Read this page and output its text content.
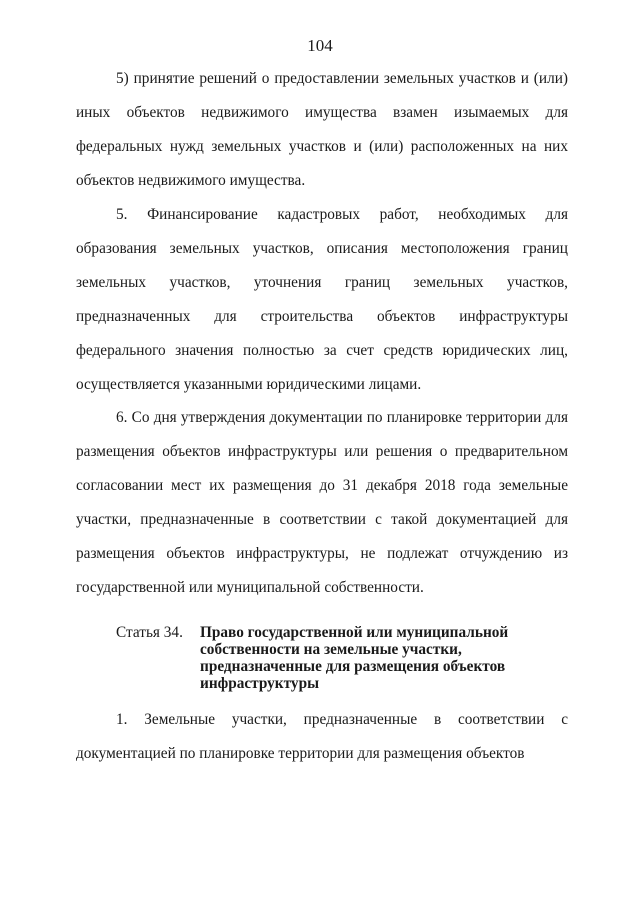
104

5) принятие решений о предоставлении земельных участков и (или) иных объектов недвижимого имущества взамен изымаемых для федеральных нужд земельных участков и (или) расположенных на них объектов недвижимого имущества.

5. Финансирование кадастровых работ, необходимых для образования земельных участков, описания местоположения границ земельных участков, уточнения границ земельных участков, предназначенных для строительства объектов инфраструктуры федерального значения полностью за счет средств юридических лиц, осуществляется указанными юридическими лицами.

6. Со дня утверждения документации по планировке территории для размещения объектов инфраструктуры или решения о предварительном согласовании мест их размещения до 31 декабря 2018 года земельные участки, предназначенные в соответствии с такой документацией для размещения объектов инфраструктуры, не подлежат отчуждению из государственной или муниципальной собственности.

Статья 34. Право государственной или муниципальной собственности на земельные участки, предназначенные для размещения объектов инфраструктуры

1. Земельные участки, предназначенные в соответствии с документацией по планировке территории для размещения объектов
